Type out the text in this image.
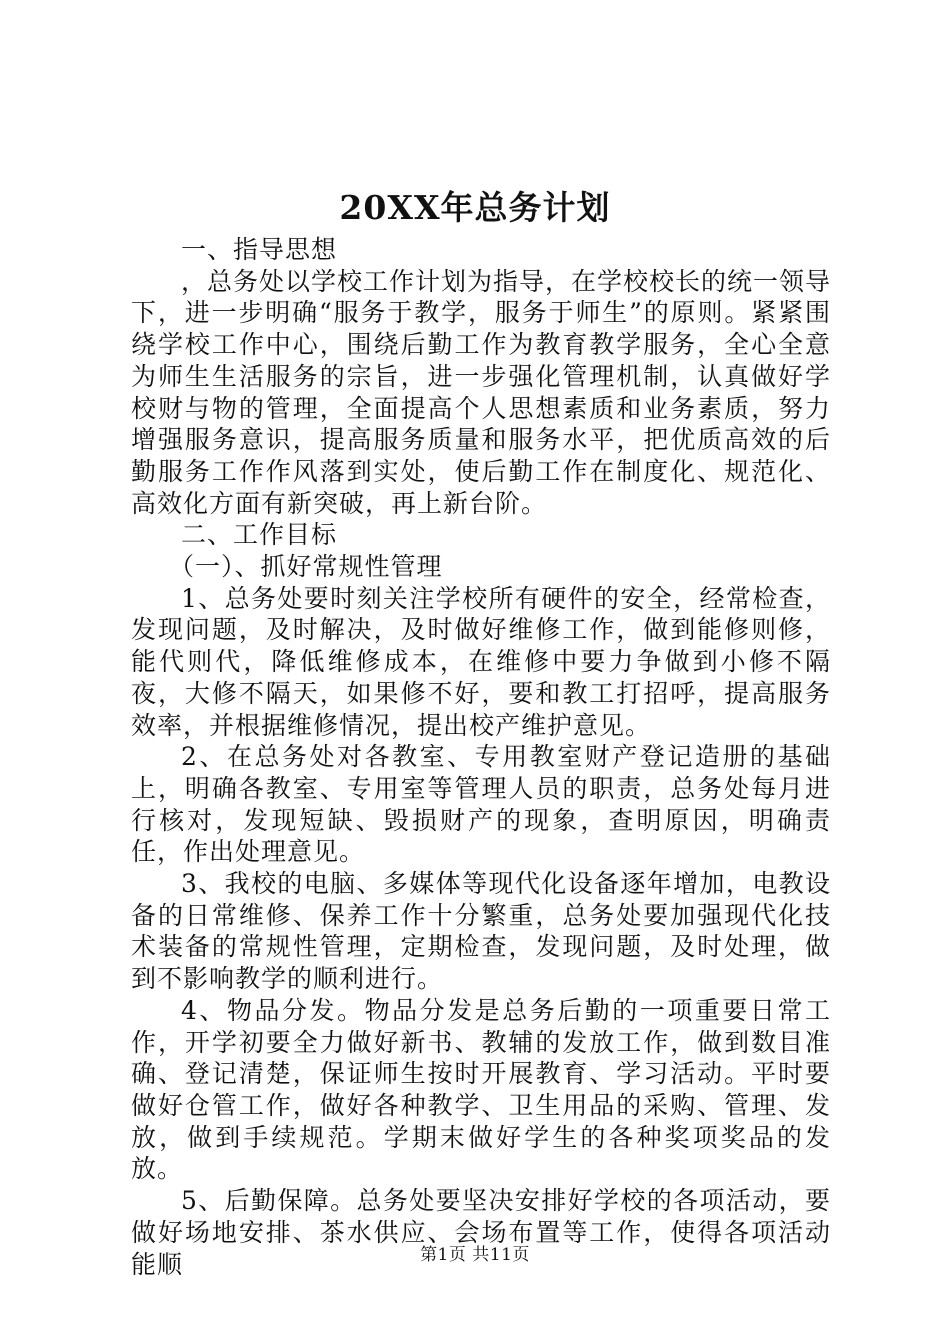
20XX年总务计划

一、指导思想

，总务处以学校工作计划为指导，在学校校长的统一领导下，进一步明确“服务于教学，服务于师生”的原则。紧紧围绕学校工作中心，围绕后勤工作为教育教学服务，全心全意为师生生活服务的宗旨，进一步强化管理机制，认真做好学校财与物的管理，全面提高个人思想素质和业务素质，努力增强服务意识，提高服务质量和服务水平，把优质高效的后勤服务工作作风落到实处，使后勤工作在制度化、规范化、高效化方面有新突破，再上新台阶。

二、工作目标

（一）、抓好常规性管理

1、总务处要时刻关注学校所有硬件的安全，经常检查，发现问题，及时解决，及时做好维修工作，做到能修则修，能代则代，降低维修成本，在维修中要力争做到小修不隔夜，大修不隔天，如果修不好，要和教工打招呼，提高服务效率，并根据维修情况，提出校产维护意见。

2、在总务处对各教室、专用教室财产登记造册的基础上，明确各教室、专用室等管理人员的职责，总务处每月进行核对，发现短缺、毁损财产的现象，查明原因，明确责任，作出处理意见。

3、我校的电脑、多媒体等现代化设备逐年增加，电教设备的日常维修、保养工作十分繁重，总务处要加强现代化技术装备的常规性管理，定期检查，发现问题，及时处理，做到不影响教学的顺利进行。

4、物品分发。物品分发是总务后勤的一项重要日常工作，开学初要全力做好新书、教辅的发放工作，做到数目准确、登记清楚，保证师生按时开展教育、学习活动。平时要做好仓管工作，做好各种教学、卫生用品的采购、管理、发放，做到手续规范。学期末做好学生的各种奖项奖品的发放。

5、后勤保障。总务处要坚决安排好学校的各项活动，要做好场地安排、茶水供应、会场布置等工作，使得各项活动能顺	第1页 共11页
